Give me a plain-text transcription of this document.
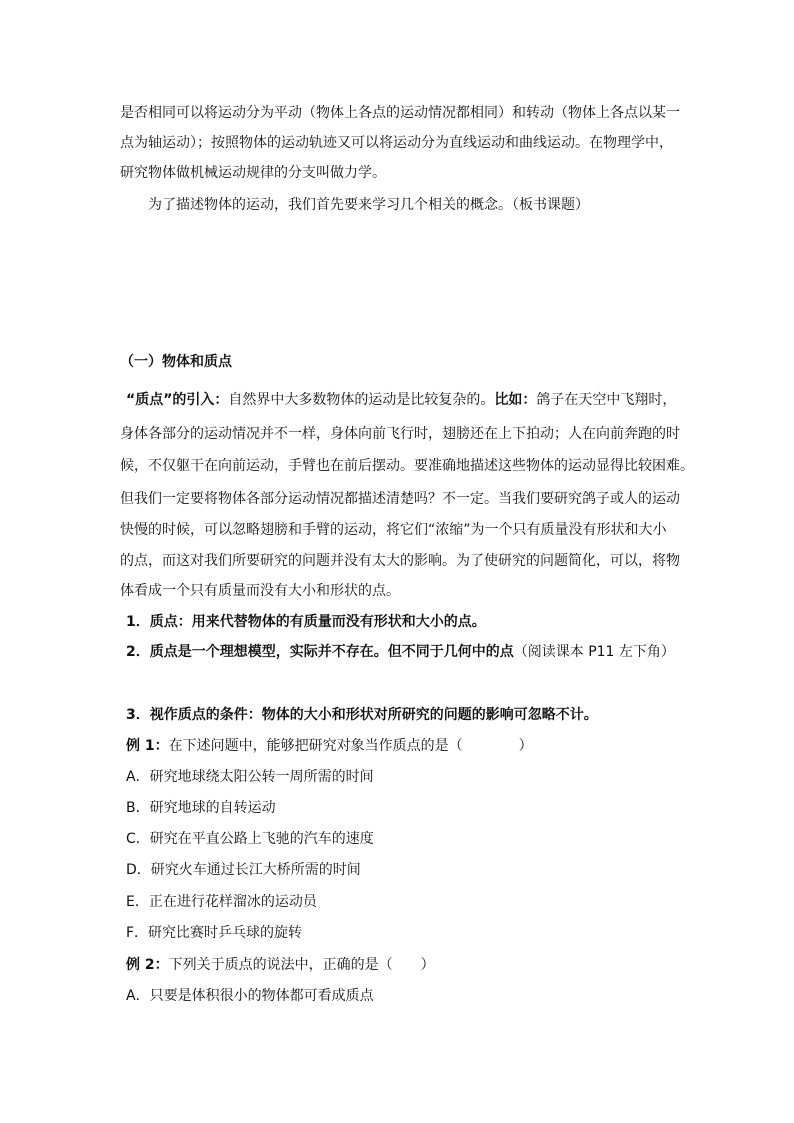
是否相同可以将运动分为平动（物体上各点的运动情况都相同）和转动（物体上各点以某一
点为轴运动）；按照物体的运动轨迹又可以将运动分为直线运动和曲线运动。在物理学中，
研究物体做机械运动规律的分支叫做力学。
为了描述物体的运动，我们首先要来学习几个相关的概念。（板书课题）
（一）物体和质点
“质点”的引入：自然界中大多数物体的运动是比较复杂的。比如：鸽子在天空中飞翔时，
身体各部分的运动情况并不一样，身体向前飞行时，翅膀还在上下拍动；人在向前奔跑的时
候，不仅躯干在向前运动，手臂也在前后摆动。要准确地描述这些物体的运动显得比较困难。
但我们一定要将物体各部分运动情况都描述清楚吗？不一定。当我们要研究鸽子或人的运动
快慢的时候，可以忽略翅膀和手臂的运动，将它们“浓缩”为一个只有质量没有形状和大小
的点，而这对我们所要研究的问题并没有太大的影响。为了使研究的问题简化，可以，将物
体看成一个只有质量而没有大小和形状的点。
1．质点：用来代替物体的有质量而没有形状和大小的点。
2．质点是一个理想模型，实际并不存在。但不同于几何中的点（阅读课本 P11 左下角）
3．视作质点的条件：物体的大小和形状对所研究的问题的影响可忽略不计。
例 1：在下述问题中，能够把研究对象当作质点的是（　　　　）
A．研究地球绕太阳公转一周所需的时间
B．研究地球的自转运动
C．研究在平直公路上飞驰的汽车的速度
D．研究火车通过长江大桥所需的时间
E．正在进行花样溜冰的运动员
F．研究比赛时乒乓球的旋转
例 2：下列关于质点的说法中，正确的是（　　）
A．只要是体积很小的物体都可看成质点
